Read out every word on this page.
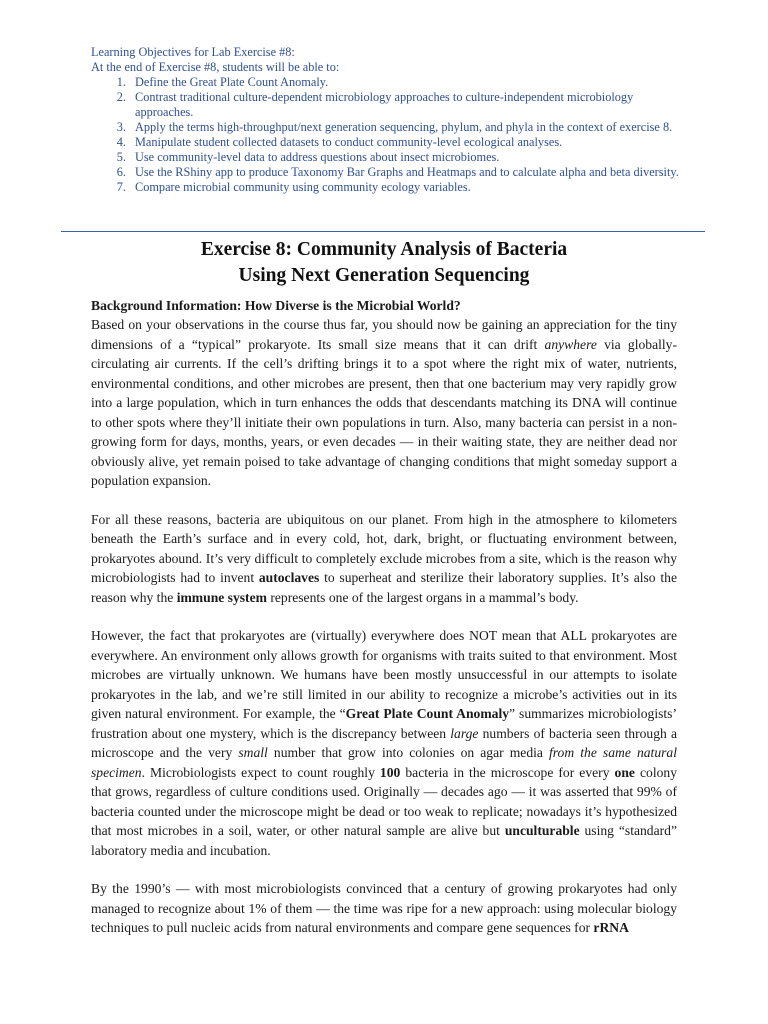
Learning Objectives for Lab Exercise #8:
At the end of Exercise #8, students will be able to:
1. Define the Great Plate Count Anomaly.
2. Contrast traditional culture-dependent microbiology approaches to culture-independent microbiology approaches.
3. Apply the terms high-throughput/next generation sequencing, phylum, and phyla in the context of exercise 8.
4. Manipulate student collected datasets to conduct community-level ecological analyses.
5. Use community-level data to address questions about insect microbiomes.
6. Use the RShiny app to produce Taxonomy Bar Graphs and Heatmaps and to calculate alpha and beta diversity.
7. Compare microbial community using community ecology variables.
Exercise 8: Community Analysis of Bacteria
Using Next Generation Sequencing
Background Information: How Diverse is the Microbial World?

Based on your observations in the course thus far, you should now be gaining an appreciation for the tiny dimensions of a “typical” prokaryote. Its small size means that it can drift anywhere via globally-circulating air currents. If the cell’s drifting brings it to a spot where the right mix of water, nutrients, environmental conditions, and other microbes are present, then that one bacterium may very rapidly grow into a large population, which in turn enhances the odds that descendants matching its DNA will continue to other spots where they’ll initiate their own populations in turn. Also, many bacteria can persist in a non-growing form for days, months, years, or even decades — in their waiting state, they are neither dead nor obviously alive, yet remain poised to take advantage of changing conditions that might someday support a population expansion.

For all these reasons, bacteria are ubiquitous on our planet. From high in the atmosphere to kilometers beneath the Earth’s surface and in every cold, hot, dark, bright, or fluctuating environment between, prokaryotes abound. It’s very difficult to completely exclude microbes from a site, which is the reason why microbiologists had to invent autoclaves to superheat and sterilize their laboratory supplies. It’s also the reason why the immune system represents one of the largest organs in a mammal’s body.

However, the fact that prokaryotes are (virtually) everywhere does NOT mean that ALL prokaryotes are everywhere. An environment only allows growth for organisms with traits suited to that environment. Most microbes are virtually unknown. We humans have been mostly unsuccessful in our attempts to isolate prokaryotes in the lab, and we’re still limited in our ability to recognize a microbe’s activities out in its given natural environment. For example, the “Great Plate Count Anomaly” summarizes microbiologists’ frustration about one mystery, which is the discrepancy between large numbers of bacteria seen through a microscope and the very small number that grow into colonies on agar media from the same natural specimen. Microbiologists expect to count roughly 100 bacteria in the microscope for every one colony that grows, regardless of culture conditions used. Originally — decades ago — it was asserted that 99% of bacteria counted under the microscope might be dead or too weak to replicate; nowadays it’s hypothesized that most microbes in a soil, water, or other natural sample are alive but unculturable using “standard” laboratory media and incubation.

By the 1990’s — with most microbiologists convinced that a century of growing prokaryotes had only managed to recognize about 1% of them — the time was ripe for a new approach: using molecular biology techniques to pull nucleic acids from natural environments and compare gene sequences for rRNA
